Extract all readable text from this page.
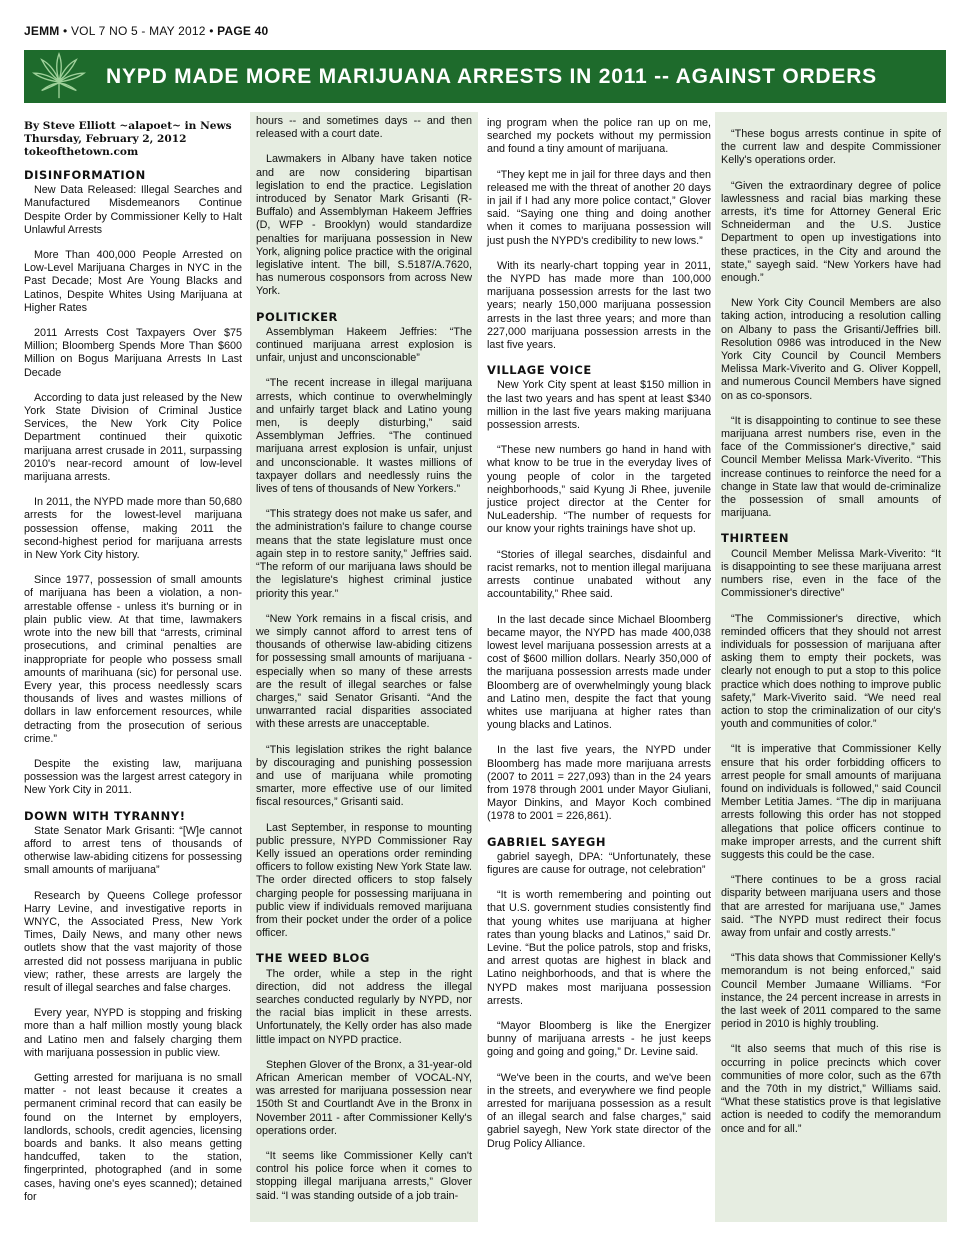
JEMM • VOL 7 NO 5 - MAY 2012 • PAGE 40
NYPD MADE MORE MARIJUANA ARRESTS IN 2011 -- AGAINST ORDERS

By Steve Elliott ~alapoet~ in News
Thursday, February 2, 2012
tokeofthetown.com

DISINFORMATION

New Data Released: Illegal Searches and Manufactured Misdemeanors Continue Despite Order by Commissioner Kelly to Halt Unlawful Arrests

More Than 400,000 People Arrested on Low-Level Marijuana Charges in NYC in the Past Decade; Most Are Young Blacks and Latinos, Despite Whites Using Marijuana at Higher Rates

2011 Arrests Cost Taxpayers Over $75 Million; Bloomberg Spends More Than $600 Million on Bogus Marijuana Arrests In Last Decade

According to data just released by the New York State Division of Criminal Justice Services, the New York City Police Department continued their quixotic marijuana arrest crusade in 2011, surpassing 2010's near-record amount of low-level marijuana arrests.

In 2011, the NYPD made more than 50,680 arrests for the lowest-level marijuana possession offense, making 2011 the second-highest period for marijuana arrests in New York City history.

Since 1977, possession of small amounts of marijuana has been a violation, a non-arrestable offense - unless it's burning or in plain public view. At that time, lawmakers wrote into the new bill that “arrests, criminal prosecutions, and criminal penalties are inappropriate for people who possess small amounts of marihuana (sic) for personal use. Every year, this process needlessly scars thousands of lives and wastes millions of dollars in law enforcement resources, while detracting from the prosecution of serious crime.”

Despite the existing law, marijuana possession was the largest arrest category in New York City in 2011.

DOWN WITH TYRANNY!

State Senator Mark Grisanti: “[W]e cannot afford to arrest tens of thousands of otherwise law-abiding citizens for possessing small amounts of marijuana”

Research by Queens College professor Harry Levine, and investigative reports in WNYC, the Associated Press, New York Times, Daily News, and many other news outlets show that the vast majority of those arrested did not possess marijuana in public view; rather, these arrests are largely the result of illegal searches and false charges.

Every year, NYPD is stopping and frisking more than a half million mostly young black and Latino men and falsely charging them with marijuana possession in public view.

Getting arrested for marijuana is no small matter - not least because it creates a permanent criminal record that can easily be found on the Internet by employers, landlords, schools, credit agencies, licensing boards and banks. It also means getting handcuffed, taken to the station, fingerprinted, photographed (and in some cases, having one's eyes scanned); detained for

hours -- and sometimes days -- and then released with a court date.

Lawmakers in Albany have taken notice and are now considering bipartisan legislation to end the practice. Legislation introduced by Senator Mark Grisanti (R-Buffalo) and Assemblyman Hakeem Jeffries (D, WFP - Brooklyn) would standardize penalties for marijuana possession in New York, aligning police practice with the original legislative intent. The bill, S.5187/A.7620, has numerous cosponsors from across New York.

POLITICKER

Assemblyman Hakeem Jeffries: “The continued marijuana arrest explosion is unfair, unjust and unconscionable”

“The recent increase in illegal marijuana arrests, which continue to overwhelmingly and unfairly target black and Latino young men, is deeply disturbing,” said Assemblyman Jeffries. “The continued marijuana arrest explosion is unfair, unjust and unconscionable. It wastes millions of taxpayer dollars and needlessly ruins the lives of tens of thousands of New Yorkers.”

“This strategy does not make us safer, and the administration's failure to change course means that the state legislature must once again step in to restore sanity,” Jeffries said. “The reform of our marijuana laws should be the legislature's highest criminal justice priority this year.”

“New York remains in a fiscal crisis, and we simply cannot afford to arrest tens of thousands of otherwise law-abiding citizens for possessing small amounts of marijuana - especially when so many of these arrests are the result of illegal searches or false charges,” said Senator Grisanti. “And the unwarranted racial disparities associated with these arrests are unacceptable.

“This legislation strikes the right balance by discouraging and punishing possession and use of marijuana while promoting smarter, more effective use of our limited fiscal resources,” Grisanti said.

Last September, in response to mounting public pressure, NYPD Commissioner Ray Kelly issued an operations order reminding officers to follow existing New York State law. The order directed officers to stop falsely charging people for possessing marijuana in public view if individuals removed marijuana from their pocket under the order of a police officer.

THE WEED BLOG

The order, while a step in the right direction, did not address the illegal searches conducted regularly by NYPD, nor the racial bias implicit in these arrests. Unfortunately, the Kelly order has also made little impact on NYPD practice.

Stephen Glover of the Bronx, a 31-year-old African American member of VOCAL-NY, was arrested for marijuana possession near 150th St and Courtlandt Ave in the Bronx in November 2011 - after Commissioner Kelly's operations order.

“It seems like Commissioner Kelly can't control his police force when it comes to stopping illegal marijuana arrests,” Glover said. “I was standing outside of a job train-

ing program when the police ran up on me, searched my pockets without my permission and found a tiny amount of marijuana.

“They kept me in jail for three days and then released me with the threat of another 20 days in jail if I had any more police contact,” Glover said. “Saying one thing and doing another when it comes to marijuana possession will just push the NYPD's credibility to new lows.”

With its nearly-chart topping year in 2011, the NYPD has made more than 100,000 marijuana possession arrests for the last two years; nearly 150,000 marijuana possession arrests in the last three years; and more than 227,000 marijuana possession arrests in the last five years.

VILLAGE VOICE

New York City spent at least $150 million in the last two years and has spent at least $340 million in the last five years making marijuana possession arrests.

“These new numbers go hand in hand with what know to be true in the everyday lives of young people of color in the targeted neighborhoods,” said Kyung Ji Rhee, juvenile justice project director at the Center for NuLeadership. “The number of requests for our know your rights trainings have shot up.

“Stories of illegal searches, disdainful and racist remarks, not to mention illegal marijuana arrests continue unabated without any accountability,” Rhee said.

In the last decade since Michael Bloomberg became mayor, the NYPD has made 400,038 lowest level marijuana possession arrests at a cost of $600 million dollars. Nearly 350,000 of the marijuana possession arrests made under Bloomberg are of overwhelmingly young black and Latino men, despite the fact that young whites use marijuana at higher rates than young blacks and Latinos.

In the last five years, the NYPD under Bloomberg has made more marijuana arrests (2007 to 2011 = 227,093) than in the 24 years from 1978 through 2001 under Mayor Giuliani, Mayor Dinkins, and Mayor Koch combined (1978 to 2001 = 226,861).

GABRIEL SAYEGH

gabriel sayegh, DPA: “Unfortunately, these figures are cause for outrage, not celebration”

“It is worth remembering and pointing out that U.S. government studies consistently find that young whites use marijuana at higher rates than young blacks and Latinos,” said Dr. Levine. “But the police patrols, stop and frisks, and arrest quotas are highest in black and Latino neighborhoods, and that is where the NYPD makes most marijuana possession arrests.

“Mayor Bloomberg is like the Energizer bunny of marijuana arrests - he just keeps going and going and going,” Dr. Levine said.

“We've been in the courts, and we've been in the streets, and everywhere we find people arrested for marijuana possession as a result of an illegal search and false charges,” said gabriel sayegh, New York state director of the Drug Policy Alliance.

“These bogus arrests continue in spite of the current law and despite Commissioner Kelly's operations order.

“Given the extraordinary degree of police lawlessness and racial bias marking these arrests, it's time for Attorney General Eric Schneiderman and the U.S. Justice Department to open up investigations into these practices, in the City and around the state,” sayegh said. “New Yorkers have had enough.”

New York City Council Members are also taking action, introducing a resolution calling on Albany to pass the Grisanti/Jeffries bill. Resolution 0986 was introduced in the New York City Council by Council Members Melissa Mark-Viverito and G. Oliver Koppell, and numerous Council Members have signed on as co-sponsors.

“It is disappointing to continue to see these marijuana arrest numbers rise, even in the face of the Commissioner's directive,” said Council Member Melissa Mark-Viverito. “This increase continues to reinforce the need for a change in State law that would de-criminalize the possession of small amounts of marijuana.

THIRTEEN

Council Member Melissa Mark-Viverito: “It is disappointing to see these marijuana arrest numbers rise, even in the face of the Commissioner's directive”

“The Commissioner's directive, which reminded officers that they should not arrest individuals for possession of marijuana after asking them to empty their pockets, was clearly not enough to put a stop to this police practice which does nothing to improve public safety,” Mark-Viverito said. “We need real action to stop the criminalization of our city's youth and communities of color.”

“It is imperative that Commissioner Kelly ensure that his order forbidding officers to arrest people for small amounts of marijuana found on individuals is followed,” said Council Member Letitia James. “The dip in marijuana arrests following this order has not stopped allegations that police officers continue to make improper arrests, and the current shift suggests this could be the case.

“There continues to be a gross racial disparity between marijuana users and those that are arrested for marijuana use,” James said. “The NYPD must redirect their focus away from unfair and costly arrests.”

“This data shows that Commissioner Kelly's memorandum is not being enforced,” said Council Member Jumaane Williams. “For instance, the 24 percent increase in arrests in the last week of 2011 compared to the same period in 2010 is highly troubling.

“It also seems that much of this rise is occurring in police precincts which cover communities of more color, such as the 67th and the 70th in my district,” Williams said. “What these statistics prove is that legislative action is needed to codify the memorandum once and for all.”
